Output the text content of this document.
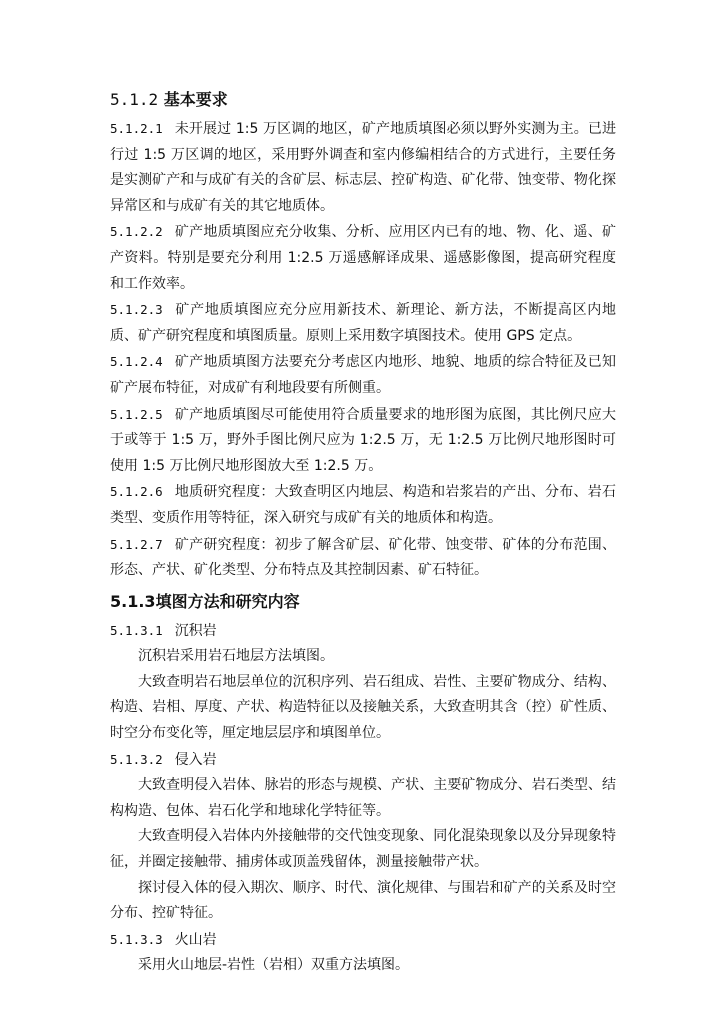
5.1.2 基本要求

5.1.2.1 未开展过 1:5 万区调的地区，矿产地质填图必须以野外实测为主。已进行过 1:5 万区调的地区，采用野外调查和室内修编相结合的方式进行，主要任务是实测矿产和与成矿有关的含矿层、标志层、控矿构造、矿化带、蚀变带、物化探异常区和与成矿有关的其它地质体。

5.1.2.2 矿产地质填图应充分收集、分析、应用区内已有的地、物、化、遥、矿产资料。特别是要充分利用 1:2.5 万遥感解译成果、遥感影像图，提高研究程度和工作效率。

5.1.2.3 矿产地质填图应充分应用新技术、新理论、新方法，不断提高区内地质、矿产研究程度和填图质量。原则上采用数字填图技术。使用 GPS 定点。

5.1.2.4 矿产地质填图方法要充分考虑区内地形、地貌、地质的综合特征及已知矿产展布特征，对成矿有利地段要有所侧重。

5.1.2.5 矿产地质填图尽可能使用符合质量要求的地形图为底图，其比例尺应大于或等于 1:5 万，野外手图比例尺应为 1:2.5 万，无 1:2.5 万比例尺地形图时可使用 1:5 万比例尺地形图放大至 1:2.5 万。

5.1.2.6 地质研究程度：大致查明区内地层、构造和岩浆岩的产出、分布、岩石类型、变质作用等特征，深入研究与成矿有关的地质体和构造。

5.1.2.7 矿产研究程度：初步了解含矿层、矿化带、蚀变带、矿体的分布范围、形态、产状、矿化类型、分布特点及其控制因素、矿石特征。

5.1.3填图方法和研究内容

5.1.3.1 沉积岩

沉积岩采用岩石地层方法填图。

大致查明岩石地层单位的沉积序列、岩石组成、岩性、主要矿物成分、结构、构造、岩相、厚度、产状、构造特征以及接触关系，大致查明其含（控）矿性质、时空分布变化等，厘定地层层序和填图单位。

5.1.3.2 侵入岩

大致查明侵入岩体、脉岩的形态与规模、产状、主要矿物成分、岩石类型、结构构造、包体、岩石化学和地球化学特征等。

大致查明侵入岩体内外接触带的交代蚀变现象、同化混染现象以及分异现象特征，并圈定接触带、捕虏体或顶盖残留体，测量接触带产状。

探讨侵入体的侵入期次、顺序、时代、演化规律、与围岩和矿产的关系及时空分布、控矿特征。

5.1.3.3 火山岩

采用火山地层-岩性（岩相）双重方法填图。
